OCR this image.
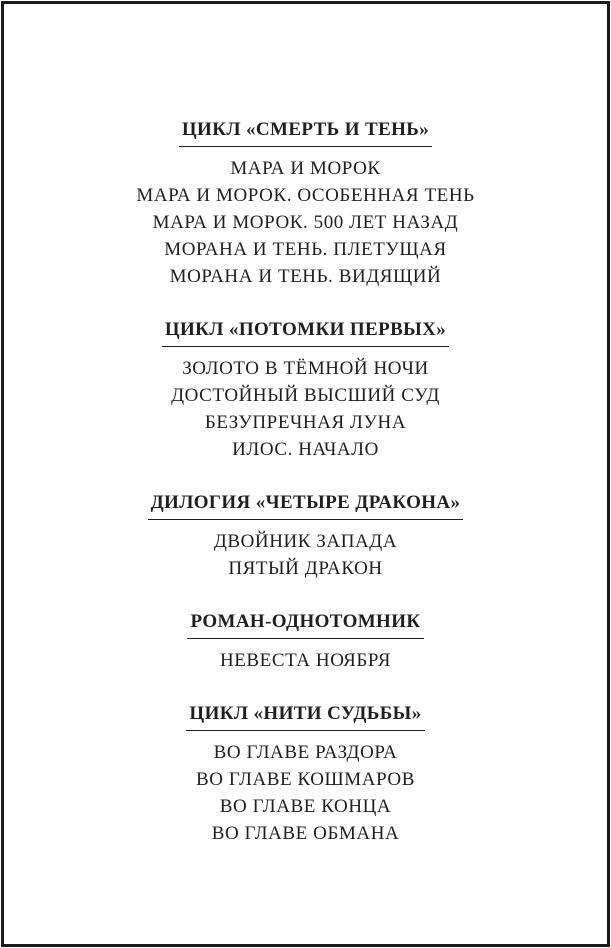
ЦИКЛ «СМЕРТЬ И ТЕНЬ»
МАРА И МОРОК
МАРА И МОРОК. ОСОБЕННАЯ ТЕНЬ
МАРА И МОРОК. 500 ЛЕТ НАЗАД
МОРАНА И ТЕНЬ. ПЛЕТУЩАЯ
МОРАНА И ТЕНЬ. ВИДЯЩИЙ
ЦИКЛ «ПОТОМКИ ПЕРВЫХ»
ЗОЛОТО В ТЁМНОЙ НОЧИ
ДОСТОЙНЫЙ ВЫСШИЙ СУД
БЕЗУПРЕЧНАЯ ЛУНА
ИЛОС. НАЧАЛО
ДИЛОГИЯ «ЧЕТЫРЕ ДРАКОНА»
ДВОЙНИК ЗАПАДА
ПЯТЫЙ ДРАКОН
РОМАН-ОДНОТОМНИК
НЕВЕСТА НОЯБРЯ
ЦИКЛ «НИТИ СУДЬБЫ»
ВО ГЛАВЕ РАЗДОРА
ВО ГЛАВЕ КОШМАРОВ
ВО ГЛАВЕ КОНЦА
ВО ГЛАВЕ ОБМАНА
